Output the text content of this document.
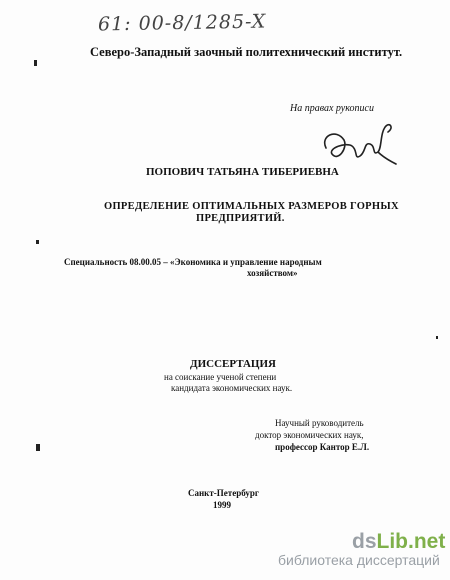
61: 00-8/1285-X
Северо-Западный заочный политехнический институт.
На правах рукописи
ПОПОВИЧ ТАТЬЯНА ТИБЕРИЕВНА
ОПРЕДЕЛЕНИЕ ОПТИМАЛЬНЫХ РАЗМЕРОВ ГОРНЫХ
ПРЕДПРИЯТИЙ.
Специальность 08.00.05 – «Экономика и управление народным
хозяйством»
ДИССЕРТАЦИЯ
на соискание ученой степени
кандидата экономических наук.
Научный руководитель
доктор экономических наук,
профессор Кантор Е.Л.
Санкт-Петербург
1999
dsLib.net
библиотека диссертаций
